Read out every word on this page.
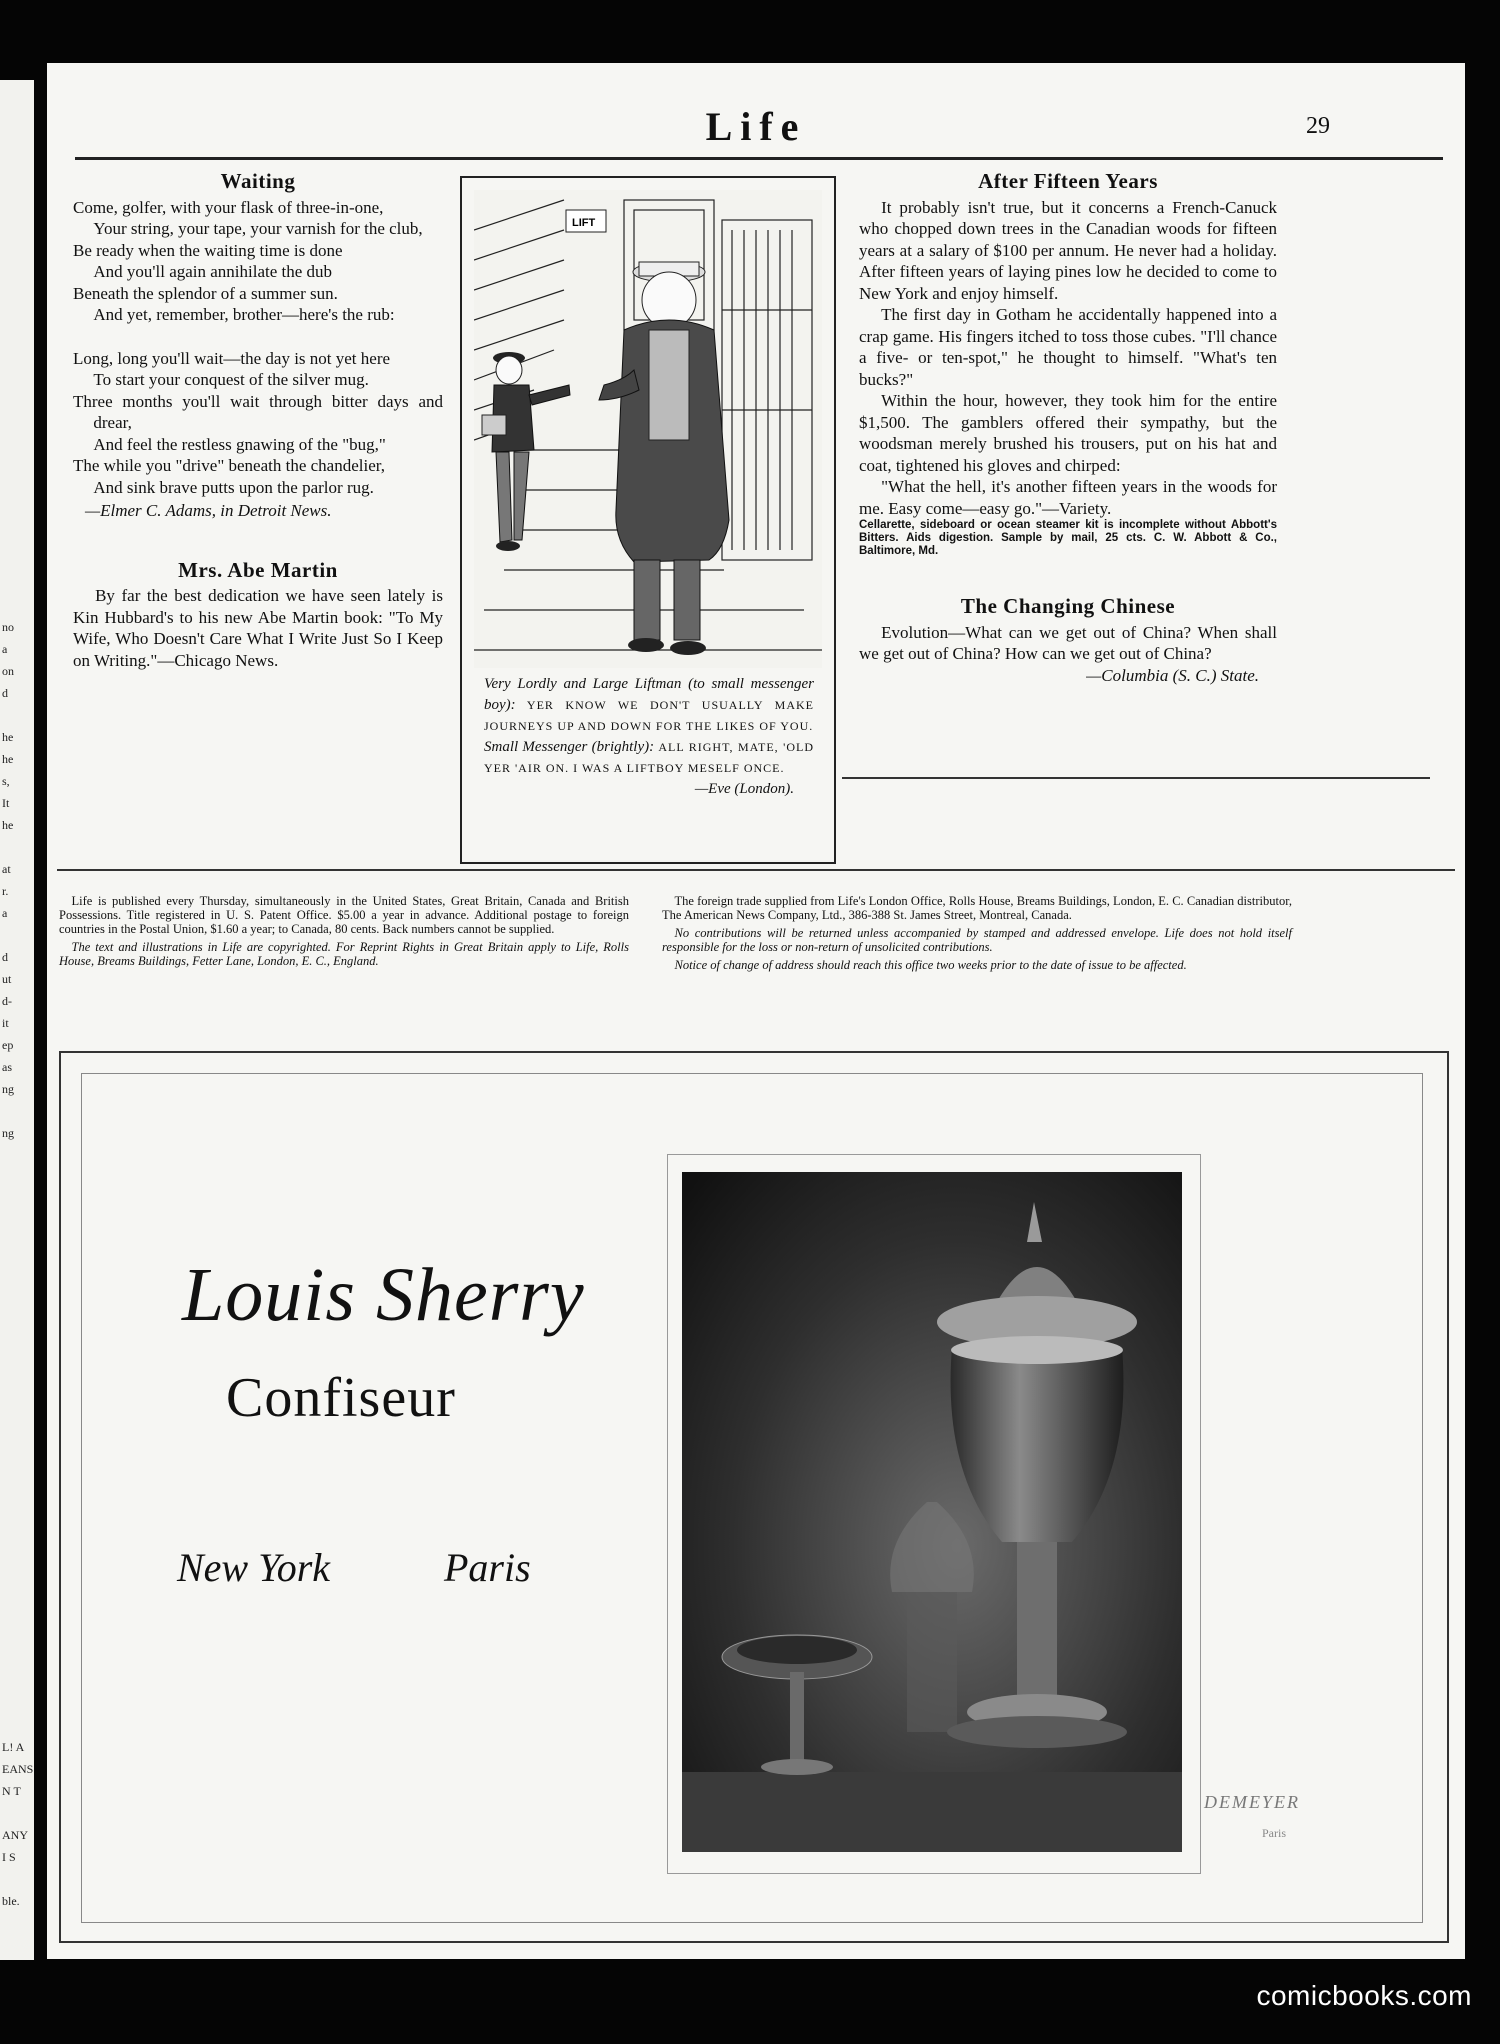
no
a
on
d
he
he
s,
It
he
at
r.
a
d
ut
d-
it
ep
as
ng
ng
L! A
EANS
N T
ANY
I S
ble.
Life	29
Waiting
Come, golfer, with your flask of three-in-one,
Your string, your tape, your varnish for the club,
Be ready when the waiting time is done
And you'll again annihilate the dub
Beneath the splendor of a summer sun.
And yet, remember, brother—here's the rub:
Long, long you'll wait—the day is not yet here
To start your conquest of the silver mug.
Three months you'll wait through bitter days and drear,
And feel the restless gnawing of the "bug,"
The while you "drive" beneath the chandelier,
And sink brave putts upon the parlor rug.

—Elmer C. Adams, in Detroit News.

Mrs. Abe Martin

By far the best dedication we have seen lately is Kin Hubbard's to his new Abe Martin book: "To My Wife, Who Doesn't Care What I Write Just So I Keep on Writing."—Chicago News.

LIFT
Very Lordly and Large Liftman (to small messenger boy): YER KNOW WE DON'T USUALLY MAKE JOURNEYS UP AND DOWN FOR THE LIKES OF YOU.
Small Messenger (brightly): ALL RIGHT, MATE, 'OLD YER 'AIR ON. I WAS A LIFTBOY MESELF ONCE.

—Eve (London).
After Fifteen Years

It probably isn't true, but it concerns a French-Canuck who chopped down trees in the Canadian woods for fifteen years at a salary of $100 per annum. He never had a holiday. After fifteen years of laying pines low he decided to come to New York and enjoy himself.

The first day in Gotham he accidentally happened into a crap game. His fingers itched to toss those cubes. "I'll chance a five- or ten-spot," he thought to himself. "What's ten bucks?"

Within the hour, however, they took him for the entire $1,500. The gamblers offered their sympathy, but the woodsman merely brushed his trousers, put on his hat and coat, tightened his gloves and chirped:

"What the hell, it's another fifteen years in the woods for me. Easy come—easy go."—Variety.

Cellarette, sideboard or ocean steamer kit is incomplete without Abbott's Bitters. Aids digestion. Sample by mail, 25 cts. C. W. Abbott & Co., Baltimore, Md.

The Changing Chinese

Evolution—What can we get out of China? When shall we get out of China? How can we get out of China?

—Columbia (S. C.) State.

Life is published every Thursday, simultaneously in the United States, Great Britain, Canada and British Possessions. Title registered in U. S. Patent Office. $5.00 a year in advance. Additional postage to foreign countries in the Postal Union, $1.60 a year; to Canada, 80 cents. Back numbers cannot be supplied.

The text and illustrations in Life are copyrighted. For Reprint Rights in Great Britain apply to Life, Rolls House, Breams Buildings, Fetter Lane, London, E. C., England.

The foreign trade supplied from Life's London Office, Rolls House, Breams Buildings, London, E. C. Canadian distributor, The American News Company, Ltd., 386-388 St. James Street, Montreal, Canada.

No contributions will be returned unless accompanied by stamped and addressed envelope. Life does not hold itself responsible for the loss or non-return of unsolicited contributions.

Notice of change of address should reach this office two weeks prior to the date of issue to be affected.

Louis Sherry
Confiseur
New York	Paris
DEMEYER
Paris
comicbooks.com
